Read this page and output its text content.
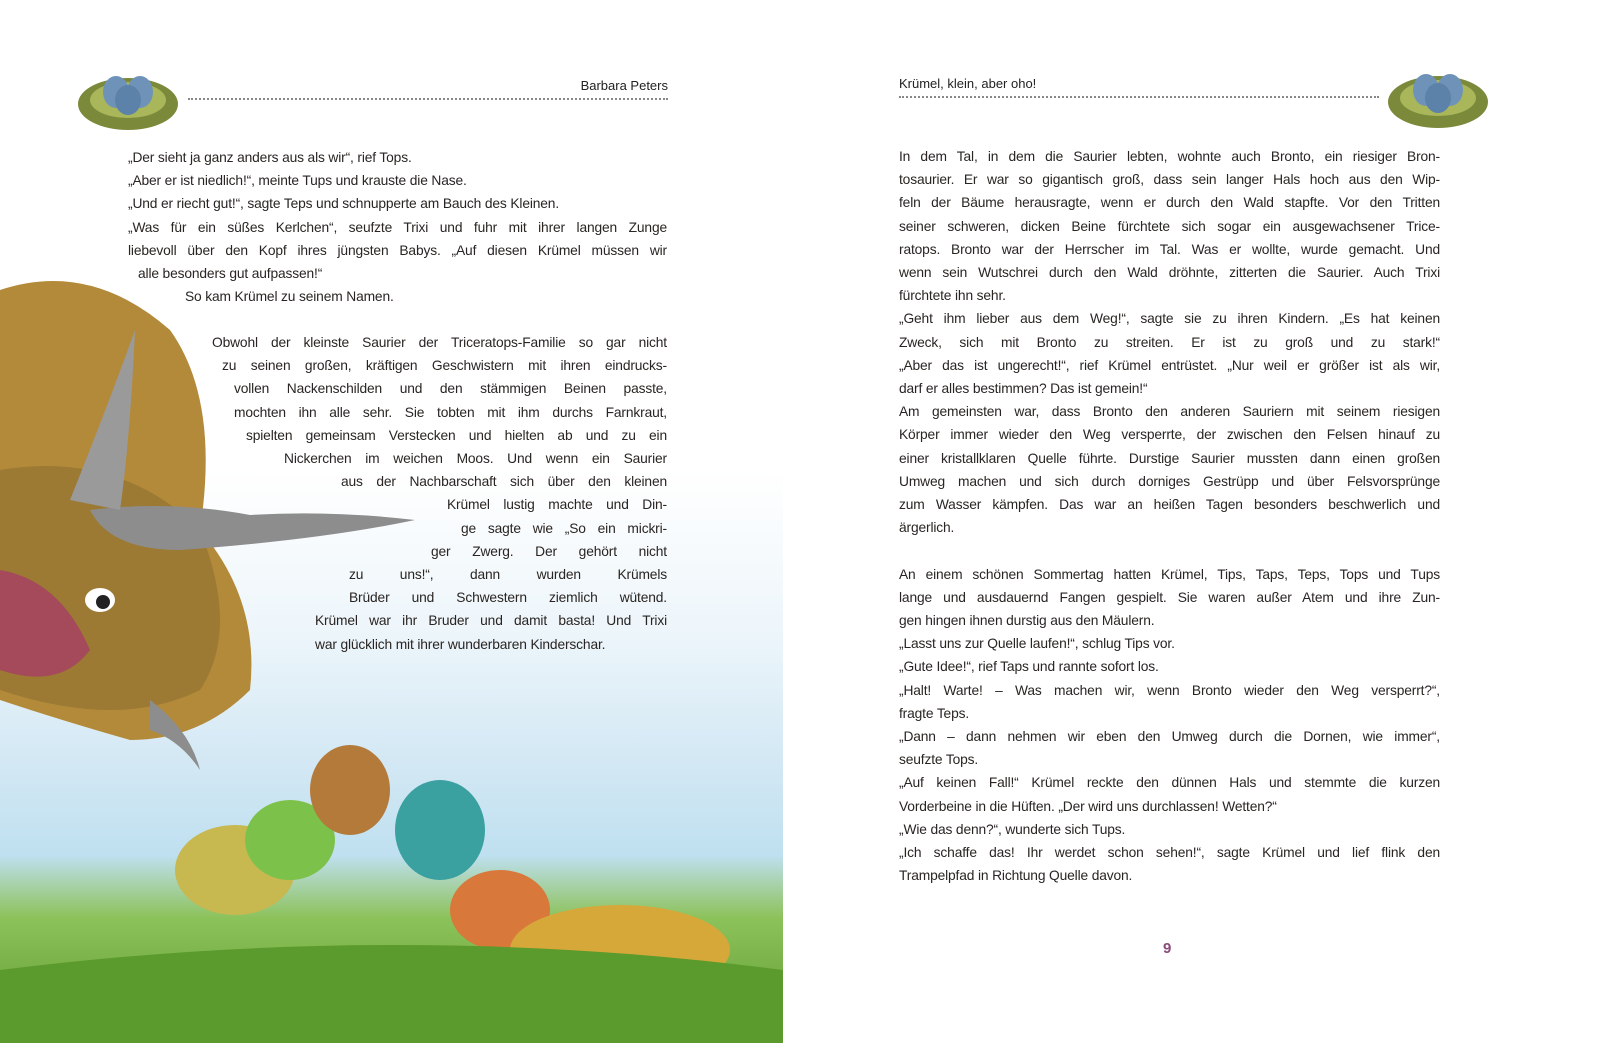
Barbara Peters
„Der sieht ja ganz anders aus als wir“, rief Tops.
„Aber er ist niedlich!“, meinte Tups und krauste die Nase.
„Und er riecht gut!“, sagte Teps und schnupperte am Bauch des Kleinen.
„Was für ein süßes Kerlchen“, seufzte Trixi und fuhr mit ihrer langen Zunge
liebevoll über den Kopf ihres jüngsten Babys. „Auf diesen Krümel müssen wir
alle besonders gut aufpassen!“
So kam Krümel zu seinem Namen.
Obwohl der kleinste Saurier der Triceratops-Familie so gar nicht
zu seinen großen, kräftigen Geschwistern mit ihren eindrucks-
vollen Nackenschilden und den stämmigen Beinen passte,
mochten ihn alle sehr. Sie tobten mit ihm durchs Farnkraut,
spielten gemeinsam Verstecken und hielten ab und zu ein
Nickerchen im weichen Moos. Und wenn ein Saurier
aus der Nachbarschaft sich über den kleinen
Krümel lustig machte und Din-
ge sagte wie „So ein mickri-
ger Zwerg. Der gehört nicht
zu uns!“, dann wurden Krümels
Brüder und Schwestern ziemlich wütend.
Krümel war ihr Bruder und damit basta! Und Trixi
war glücklich mit ihrer wunderbaren Kinderschar.
Krümel, klein, aber oho!
In dem Tal, in dem die Saurier lebten, wohnte auch Bronto, ein riesiger Bron-
tosaurier. Er war so gigantisch groß, dass sein langer Hals hoch aus den Wip-
feln der Bäume herausragte, wenn er durch den Wald stapfte. Vor den Tritten
seiner schweren, dicken Beine fürchtete sich sogar ein ausgewachsener Trice-
ratops. Bronto war der Herrscher im Tal. Was er wollte, wurde gemacht. Und
wenn sein Wutschrei durch den Wald dröhnte, zitterten die Saurier. Auch Trixi
fürchtete ihn sehr.
„Geht ihm lieber aus dem Weg!“, sagte sie zu ihren Kindern. „Es hat keinen
Zweck, sich mit Bronto zu streiten. Er ist zu groß und zu stark!“
„Aber das ist ungerecht!“, rief Krümel entrüstet. „Nur weil er größer ist als wir,
darf er alles bestimmen? Das ist gemein!“
Am gemeinsten war, dass Bronto den anderen Sauriern mit seinem riesigen
Körper immer wieder den Weg versperrte, der zwischen den Felsen hinauf zu
einer kristallklaren Quelle führte. Durstige Saurier mussten dann einen großen
Umweg machen und sich durch dorniges Gestrüpp und über Felsvorsprünge
zum Wasser kämpfen. Das war an heißen Tagen besonders beschwerlich und
ärgerlich.
An einem schönen Sommertag hatten Krümel, Tips, Taps, Teps, Tops und Tups
lange und ausdauernd Fangen gespielt. Sie waren außer Atem und ihre Zun-
gen hingen ihnen durstig aus den Mäulern.
„Lasst uns zur Quelle laufen!“, schlug Tips vor.
„Gute Idee!“, rief Taps und rannte sofort los.
„Halt! Warte! – Was machen wir, wenn Bronto wieder den Weg versperrt?“,
fragte Teps.
„Dann – dann nehmen wir eben den Umweg durch die Dornen, wie immer“,
seufzte Tops.
„Auf keinen Fall!“ Krümel reckte den dünnen Hals und stemmte die kurzen
Vorderbeine in die Hüften. „Der wird uns durchlassen! Wetten?“
„Wie das denn?“, wunderte sich Tups.
„Ich schaffe das! Ihr werdet schon sehen!“, sagte Krümel und lief flink den
Trampelpfad in Richtung Quelle davon.
9
